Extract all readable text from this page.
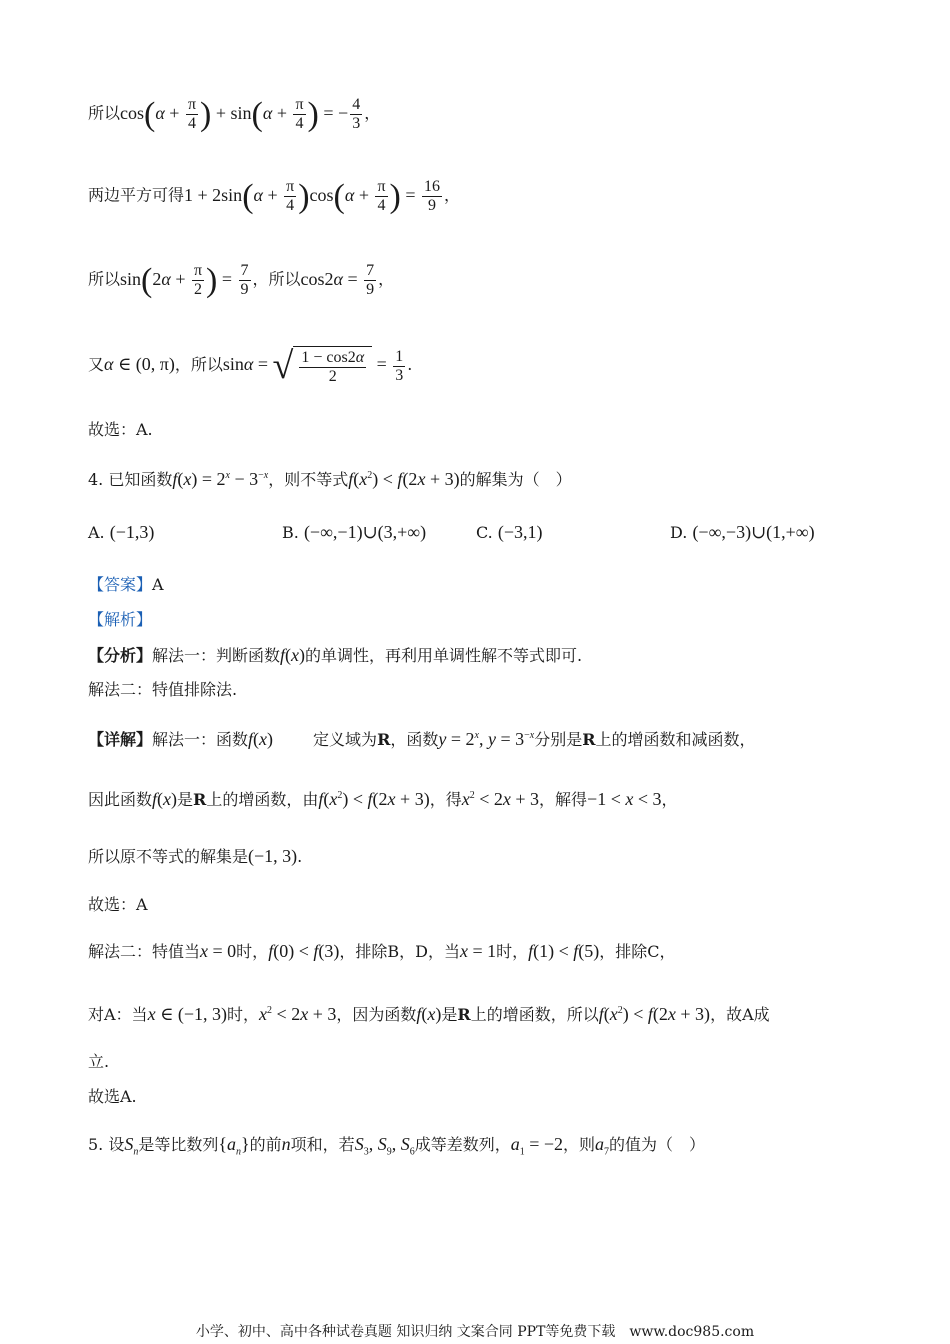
所以$\cos(\alpha + \frac{\pi}{4}$ ) + $\sin(\alpha + \frac{\pi}{4}$ ) = − $\frac{4}{3}$ ，
两边平方可得$1 + 2\sin(\alpha + \frac{\pi}{4} )\cos(\alpha + \frac{\pi}{4}$ ) = $\frac{16}{9}$ ，
所以$\sin(2\alpha + \frac{\pi}{2}$ ) = $\frac{7}{9}$ ，所以$\cos 2\alpha = \frac{7}{9}$ ，
又α ∈ (0, π)，所以sinα = √ $\frac{1 - \cos 2\alpha}{2} = \frac{1}{3}$ .
故选：A.
4. 已知函数$f(x) = 2^x - 3^{-x}$，则不等式$f(x^2) < f(2x + 3)$的解集为（　）
A. (−1,3)	B. (−∞,−1)∪(3,+∞)	C. (−3,1)	D. (−∞,−3)∪(1,+∞)
【答案】A
【解析】
【分析】解法一：判断函数f(x)的单调性，再利用单调性解不等式即可.
解法二：特值排除法.
【详解】解法一：函数f(x)	定义域为R，函数$y = 2^x$, $y = 3^{-x}$分别是R上的增函数和减函数，
因此函数f(x)是R上的增函数，由$f(x^2) < f(2x + 3)$，得$x^2 < 2x + 3$，解得−1 < x < 3，
所以原不等式的解集是(−1, 3).
故选：A
解法二：特值当x = 0时，f(0) < f(3)，排除B，D，当x = 1时，f(1) < f(5)，排除C，
对A：当x ∈ (−1, 3)时，$x^2 < 2x + 3$，因为函数f(x)是R上的增函数，所以$f(x^2) < f(2x + 3)$，故A成
立.
故选A.
5. 设$S_n$是等比数列$\{a_n\}$的前n项和，若$S_3$, $S_9$, $S_6$成等差数列，$a_1 = -2$，则$a_7$的值为（　）
小学、初中、高中各种试卷真题 知识归纳 文案合同 PPT等免费下载　www.doc985.com
